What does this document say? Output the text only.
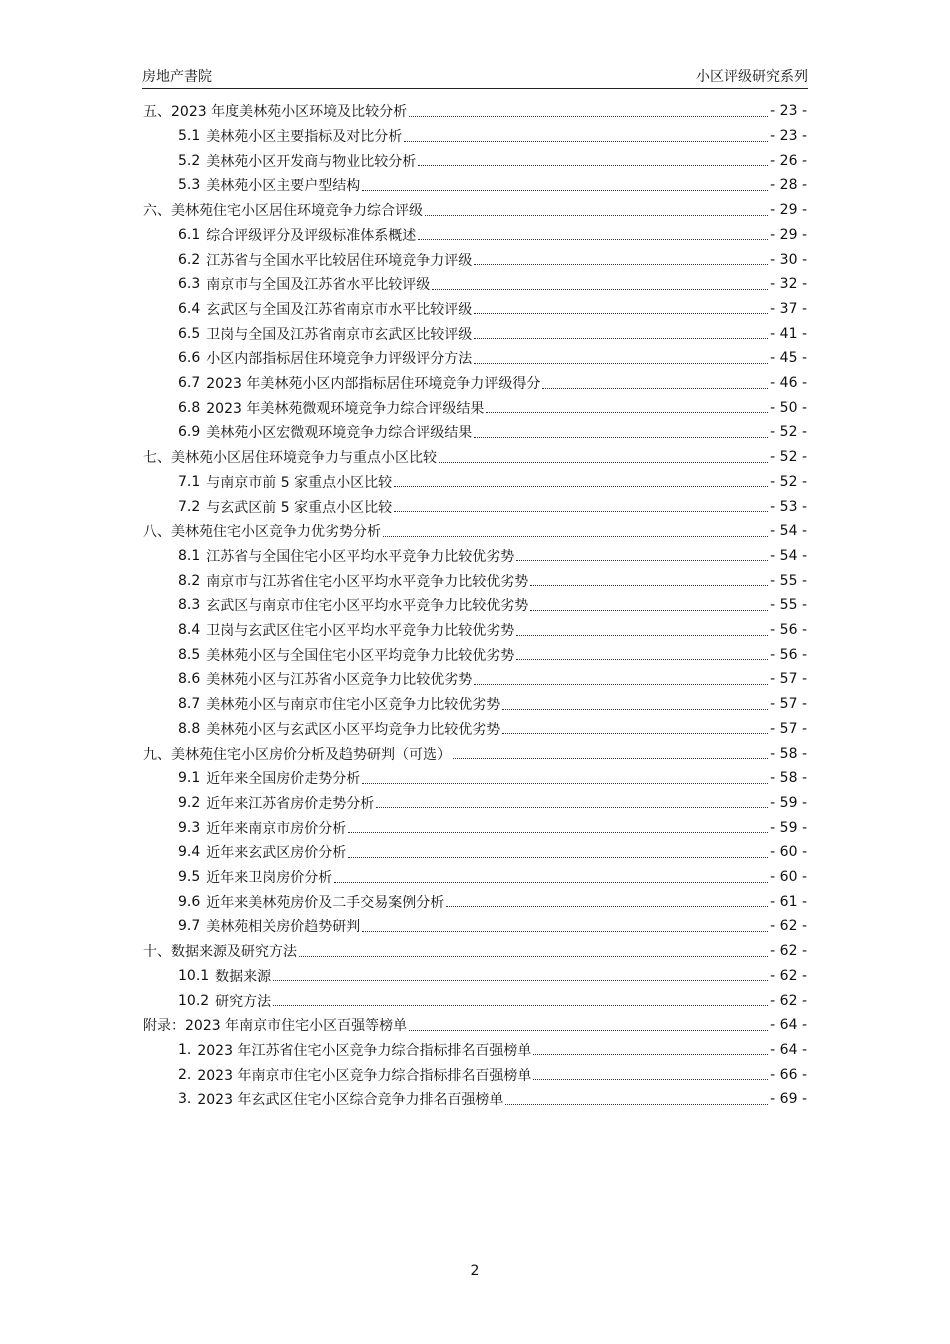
房地产書院	小区评级研究系列
五、2023 年度美林苑小区环境及比较分析	- 23 -
5.1 美林苑小区主要指标及对比分析	- 23 -
5.2 美林苑小区开发商与物业比较分析	- 26 -
5.3 美林苑小区主要户型结构	- 28 -
六、美林苑住宅小区居住环境竞争力综合评级	- 29 -
6.1 综合评级评分及评级标准体系概述	- 29 -
6.2 江苏省与全国水平比较居住环境竞争力评级	- 30 -
6.3 南京市与全国及江苏省水平比较评级	- 32 -
6.4 玄武区与全国及江苏省南京市水平比较评级	- 37 -
6.5 卫岗与全国及江苏省南京市玄武区比较评级	- 41 -
6.6 小区内部指标居住环境竞争力评级评分方法	- 45 -
6.7 2023 年美林苑小区内部指标居住环境竞争力评级得分	- 46 -
6.8 2023 年美林苑微观环境竞争力综合评级结果	- 50 -
6.9 美林苑小区宏微观环境竞争力综合评级结果	- 52 -
七、美林苑小区居住环境竞争力与重点小区比较	- 52 -
7.1 与南京市前 5 家重点小区比较	- 52 -
7.2 与玄武区前 5 家重点小区比较	- 53 -
八、美林苑住宅小区竞争力优劣势分析	- 54 -
8.1 江苏省与全国住宅小区平均水平竞争力比较优劣势	- 54 -
8.2 南京市与江苏省住宅小区平均水平竞争力比较优劣势	- 55 -
8.3 玄武区与南京市住宅小区平均水平竞争力比较优劣势	- 55 -
8.4 卫岗与玄武区住宅小区平均水平竞争力比较优劣势	- 56 -
8.5 美林苑小区与全国住宅小区平均竞争力比较优劣势	- 56 -
8.6 美林苑小区与江苏省小区竞争力比较优劣势	- 57 -
8.7 美林苑小区与南京市住宅小区竞争力比较优劣势	- 57 -
8.8 美林苑小区与玄武区小区平均竞争力比较优劣势	- 57 -
九、美林苑住宅小区房价分析及趋势研判（可选）	- 58 -
9.1 近年来全国房价走势分析	- 58 -
9.2 近年来江苏省房价走势分析	- 59 -
9.3 近年来南京市房价分析	- 59 -
9.4 近年来玄武区房价分析	- 60 -
9.5 近年来卫岗房价分析	- 60 -
9.6 近年来美林苑房价及二手交易案例分析	- 61 -
9.7 美林苑相关房价趋势研判	- 62 -
十、数据来源及研究方法	- 62 -
10.1 数据来源	- 62 -
10.2 研究方法	- 62 -
附录：2023 年南京市住宅小区百强等榜单	- 64 -
1. 2023 年江苏省住宅小区竞争力综合指标排名百强榜单	- 64 -
2. 2023 年南京市住宅小区竞争力综合指标排名百强榜单	- 66 -
3. 2023 年玄武区住宅小区综合竞争力排名百强榜单	- 69 -
2
